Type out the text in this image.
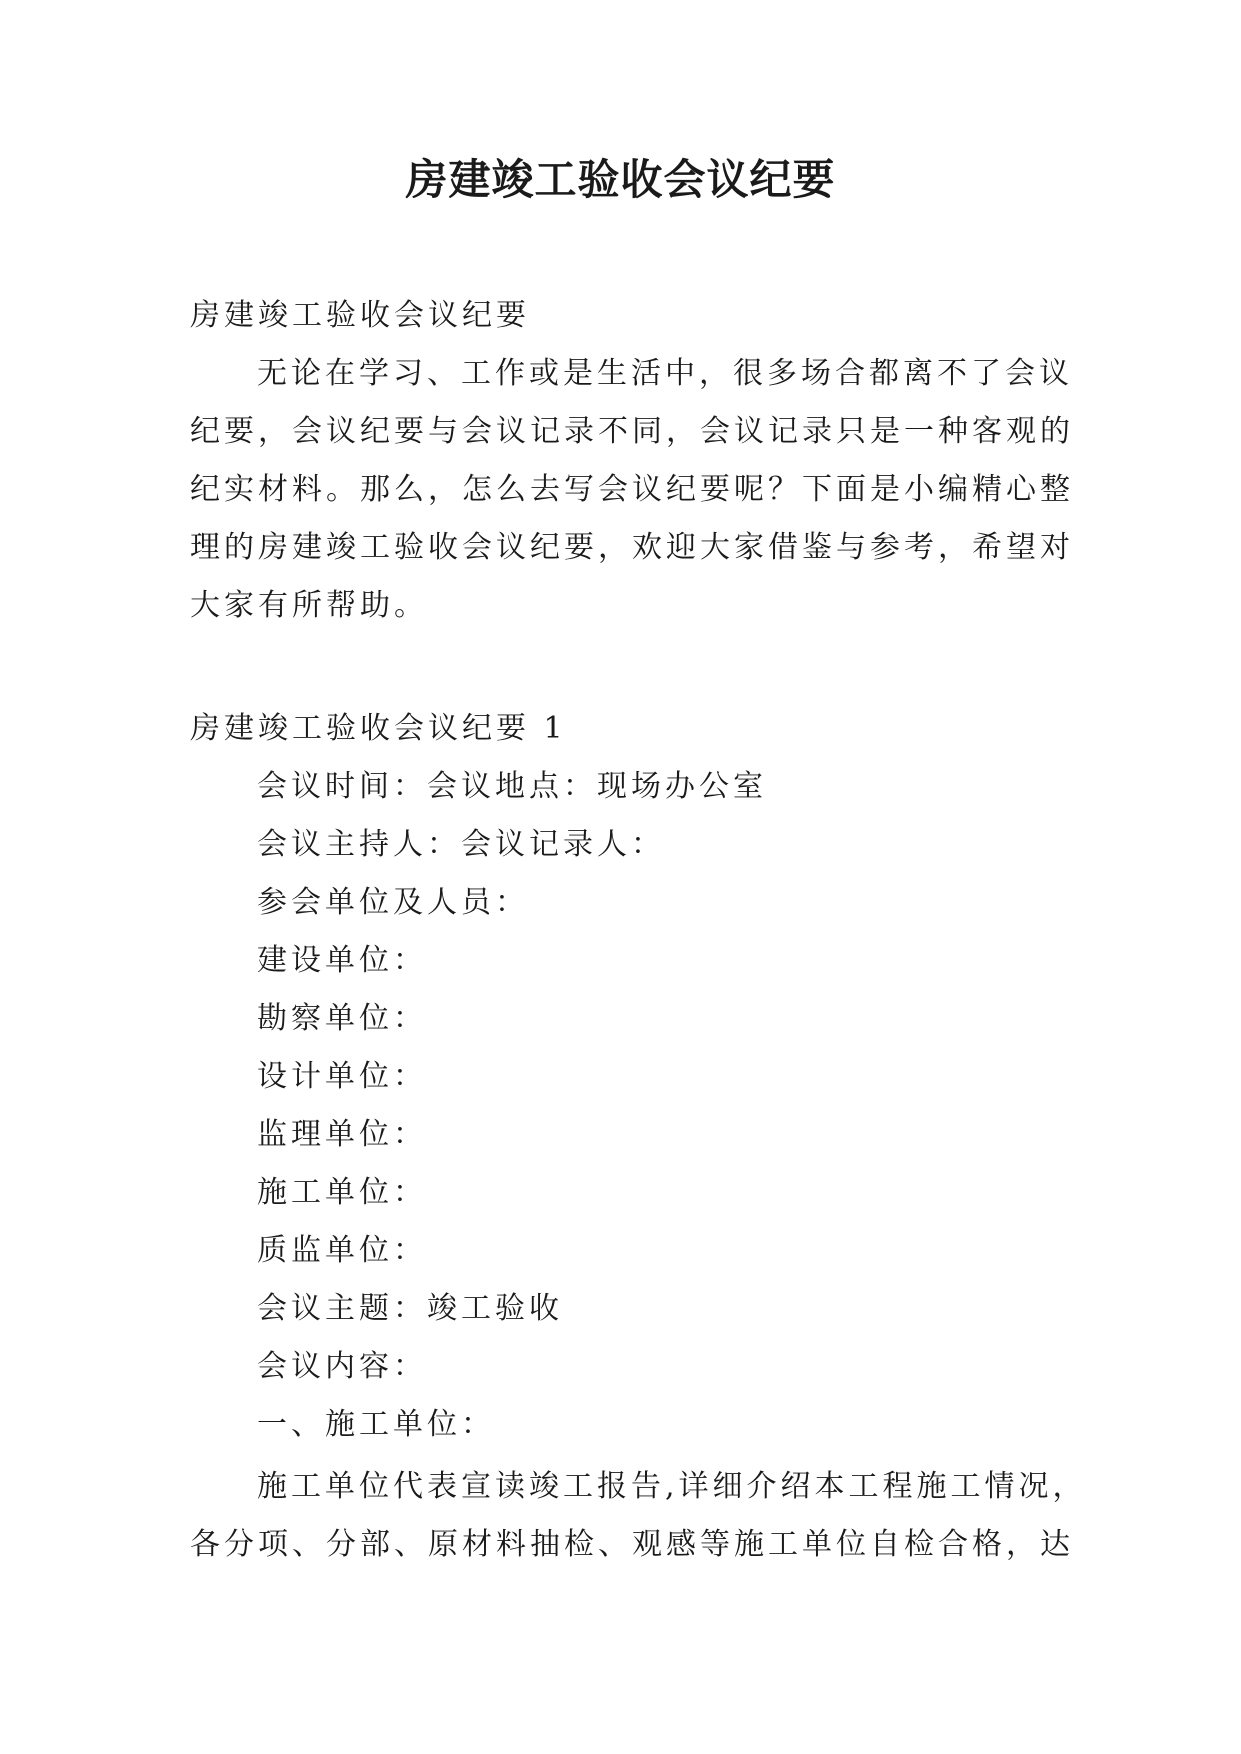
房建竣工验收会议纪要

房建竣工验收会议纪要

无论在学习、工作或是生活中，很多场合都离不了会议

纪要，会议纪要与会议记录不同，会议记录只是一种客观的

纪实材料。那么，怎么去写会议纪要呢？下面是小编精心整

理的房建竣工验收会议纪要，欢迎大家借鉴与参考，希望对

大家有所帮助。

房建竣工验收会议纪要 1

会议时间：会议地点：现场办公室

会议主持人：会议记录人：

参会单位及人员：

建设单位：

勘察单位：

设计单位：

监理单位：

施工单位：

质监单位：

会议主题：竣工验收

会议内容：

一、施工单位：

施工单位代表宣读竣工报告,详细介绍本工程施工情况，

各分项、分部、原材料抽检、观感等施工单位自检合格，达
